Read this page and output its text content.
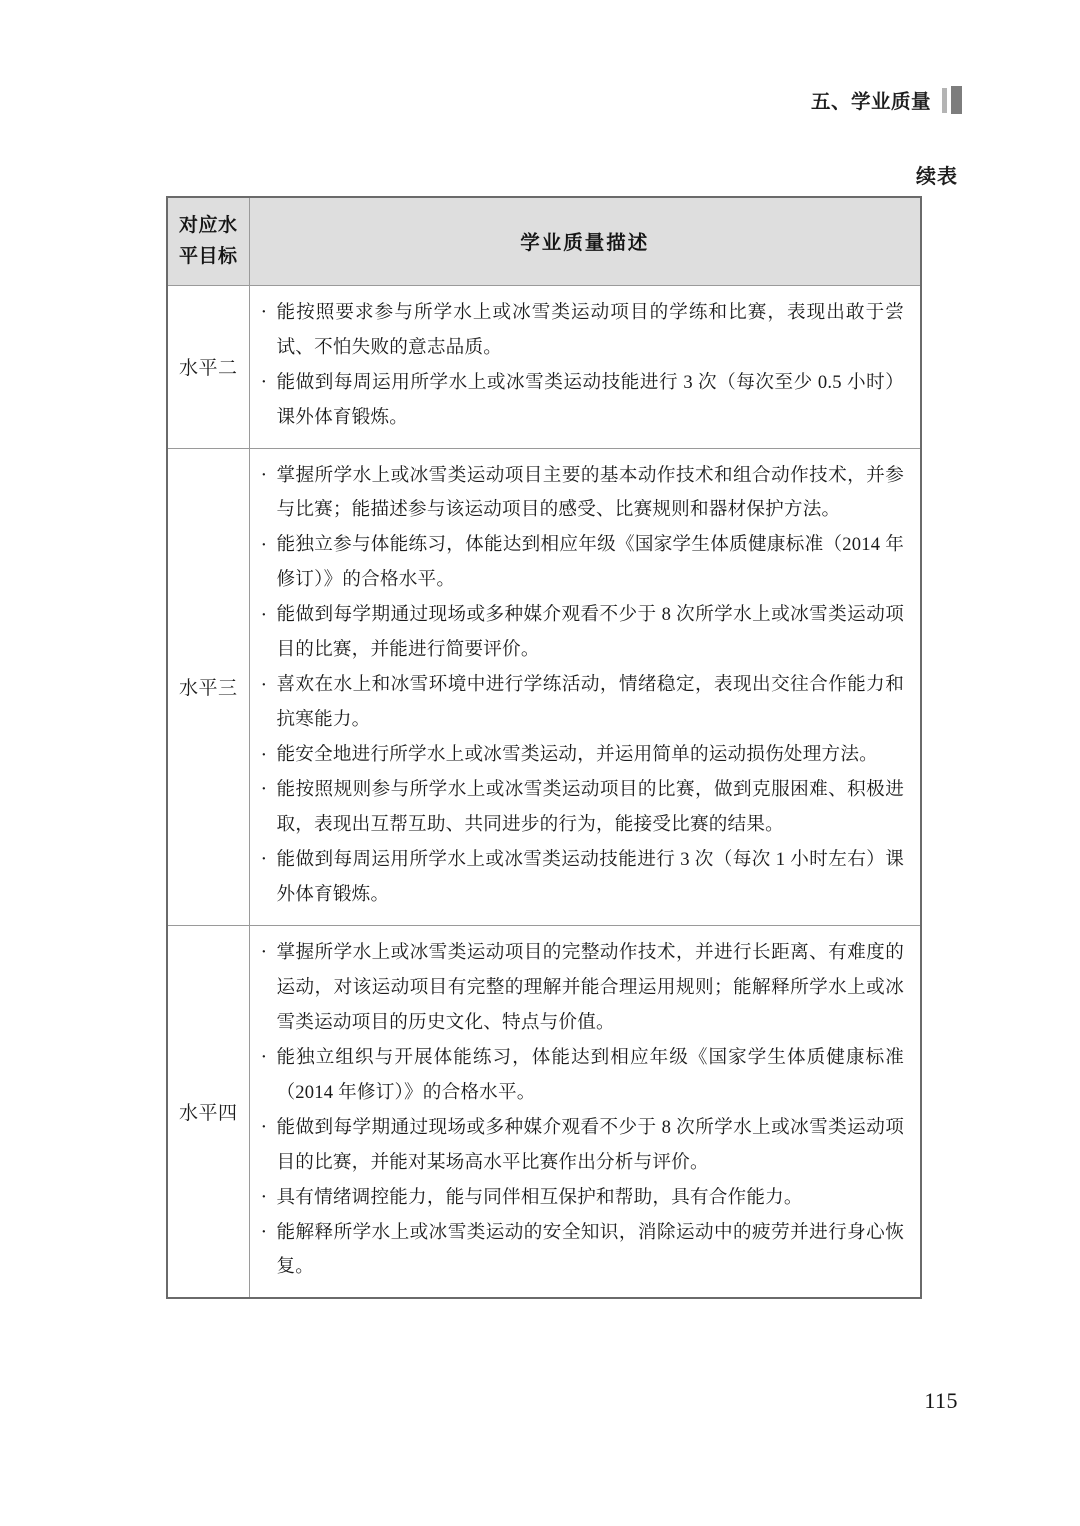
五、学业质量
续表
对应水
平目标	学业质量描述
水平二	
· 能按照要求参与所学水上或冰雪类运动项目的学练和比赛，表现出敢于尝试、不怕失败的意志品质。
· 能做到每周运用所学水上或冰雪类运动技能进行 3 次（每次至少 0.5 小时）课外体育锻炼。

水平三	
· 掌握所学水上或冰雪类运动项目主要的基本动作技术和组合动作技术，并参与比赛；能描述参与该运动项目的感受、比赛规则和器材保护方法。
· 能独立参与体能练习，体能达到相应年级《国家学生体质健康标准（2014 年修订）》的合格水平。
· 能做到每学期通过现场或多种媒介观看不少于 8 次所学水上或冰雪类运动项目的比赛，并能进行简要评价。
· 喜欢在水上和冰雪环境中进行学练活动，情绪稳定，表现出交往合作能力和抗寒能力。
· 能安全地进行所学水上或冰雪类运动，并运用简单的运动损伤处理方法。
· 能按照规则参与所学水上或冰雪类运动项目的比赛，做到克服困难、积极进取，表现出互帮互助、共同进步的行为，能接受比赛的结果。
· 能做到每周运用所学水上或冰雪类运动技能进行 3 次（每次 1 小时左右）课外体育锻炼。

水平四	
· 掌握所学水上或冰雪类运动项目的完整动作技术，并进行长距离、有难度的运动，对该运动项目有完整的理解并能合理运用规则；能解释所学水上或冰雪类运动项目的历史文化、特点与价值。
· 能独立组织与开展体能练习，体能达到相应年级《国家学生体质健康标准（2014 年修订）》的合格水平。
· 能做到每学期通过现场或多种媒介观看不少于 8 次所学水上或冰雪类运动项目的比赛，并能对某场高水平比赛作出分析与评价。
· 具有情绪调控能力，能与同伴相互保护和帮助，具有合作能力。
· 能解释所学水上或冰雪类运动的安全知识，消除运动中的疲劳并进行身心恢复。
115
